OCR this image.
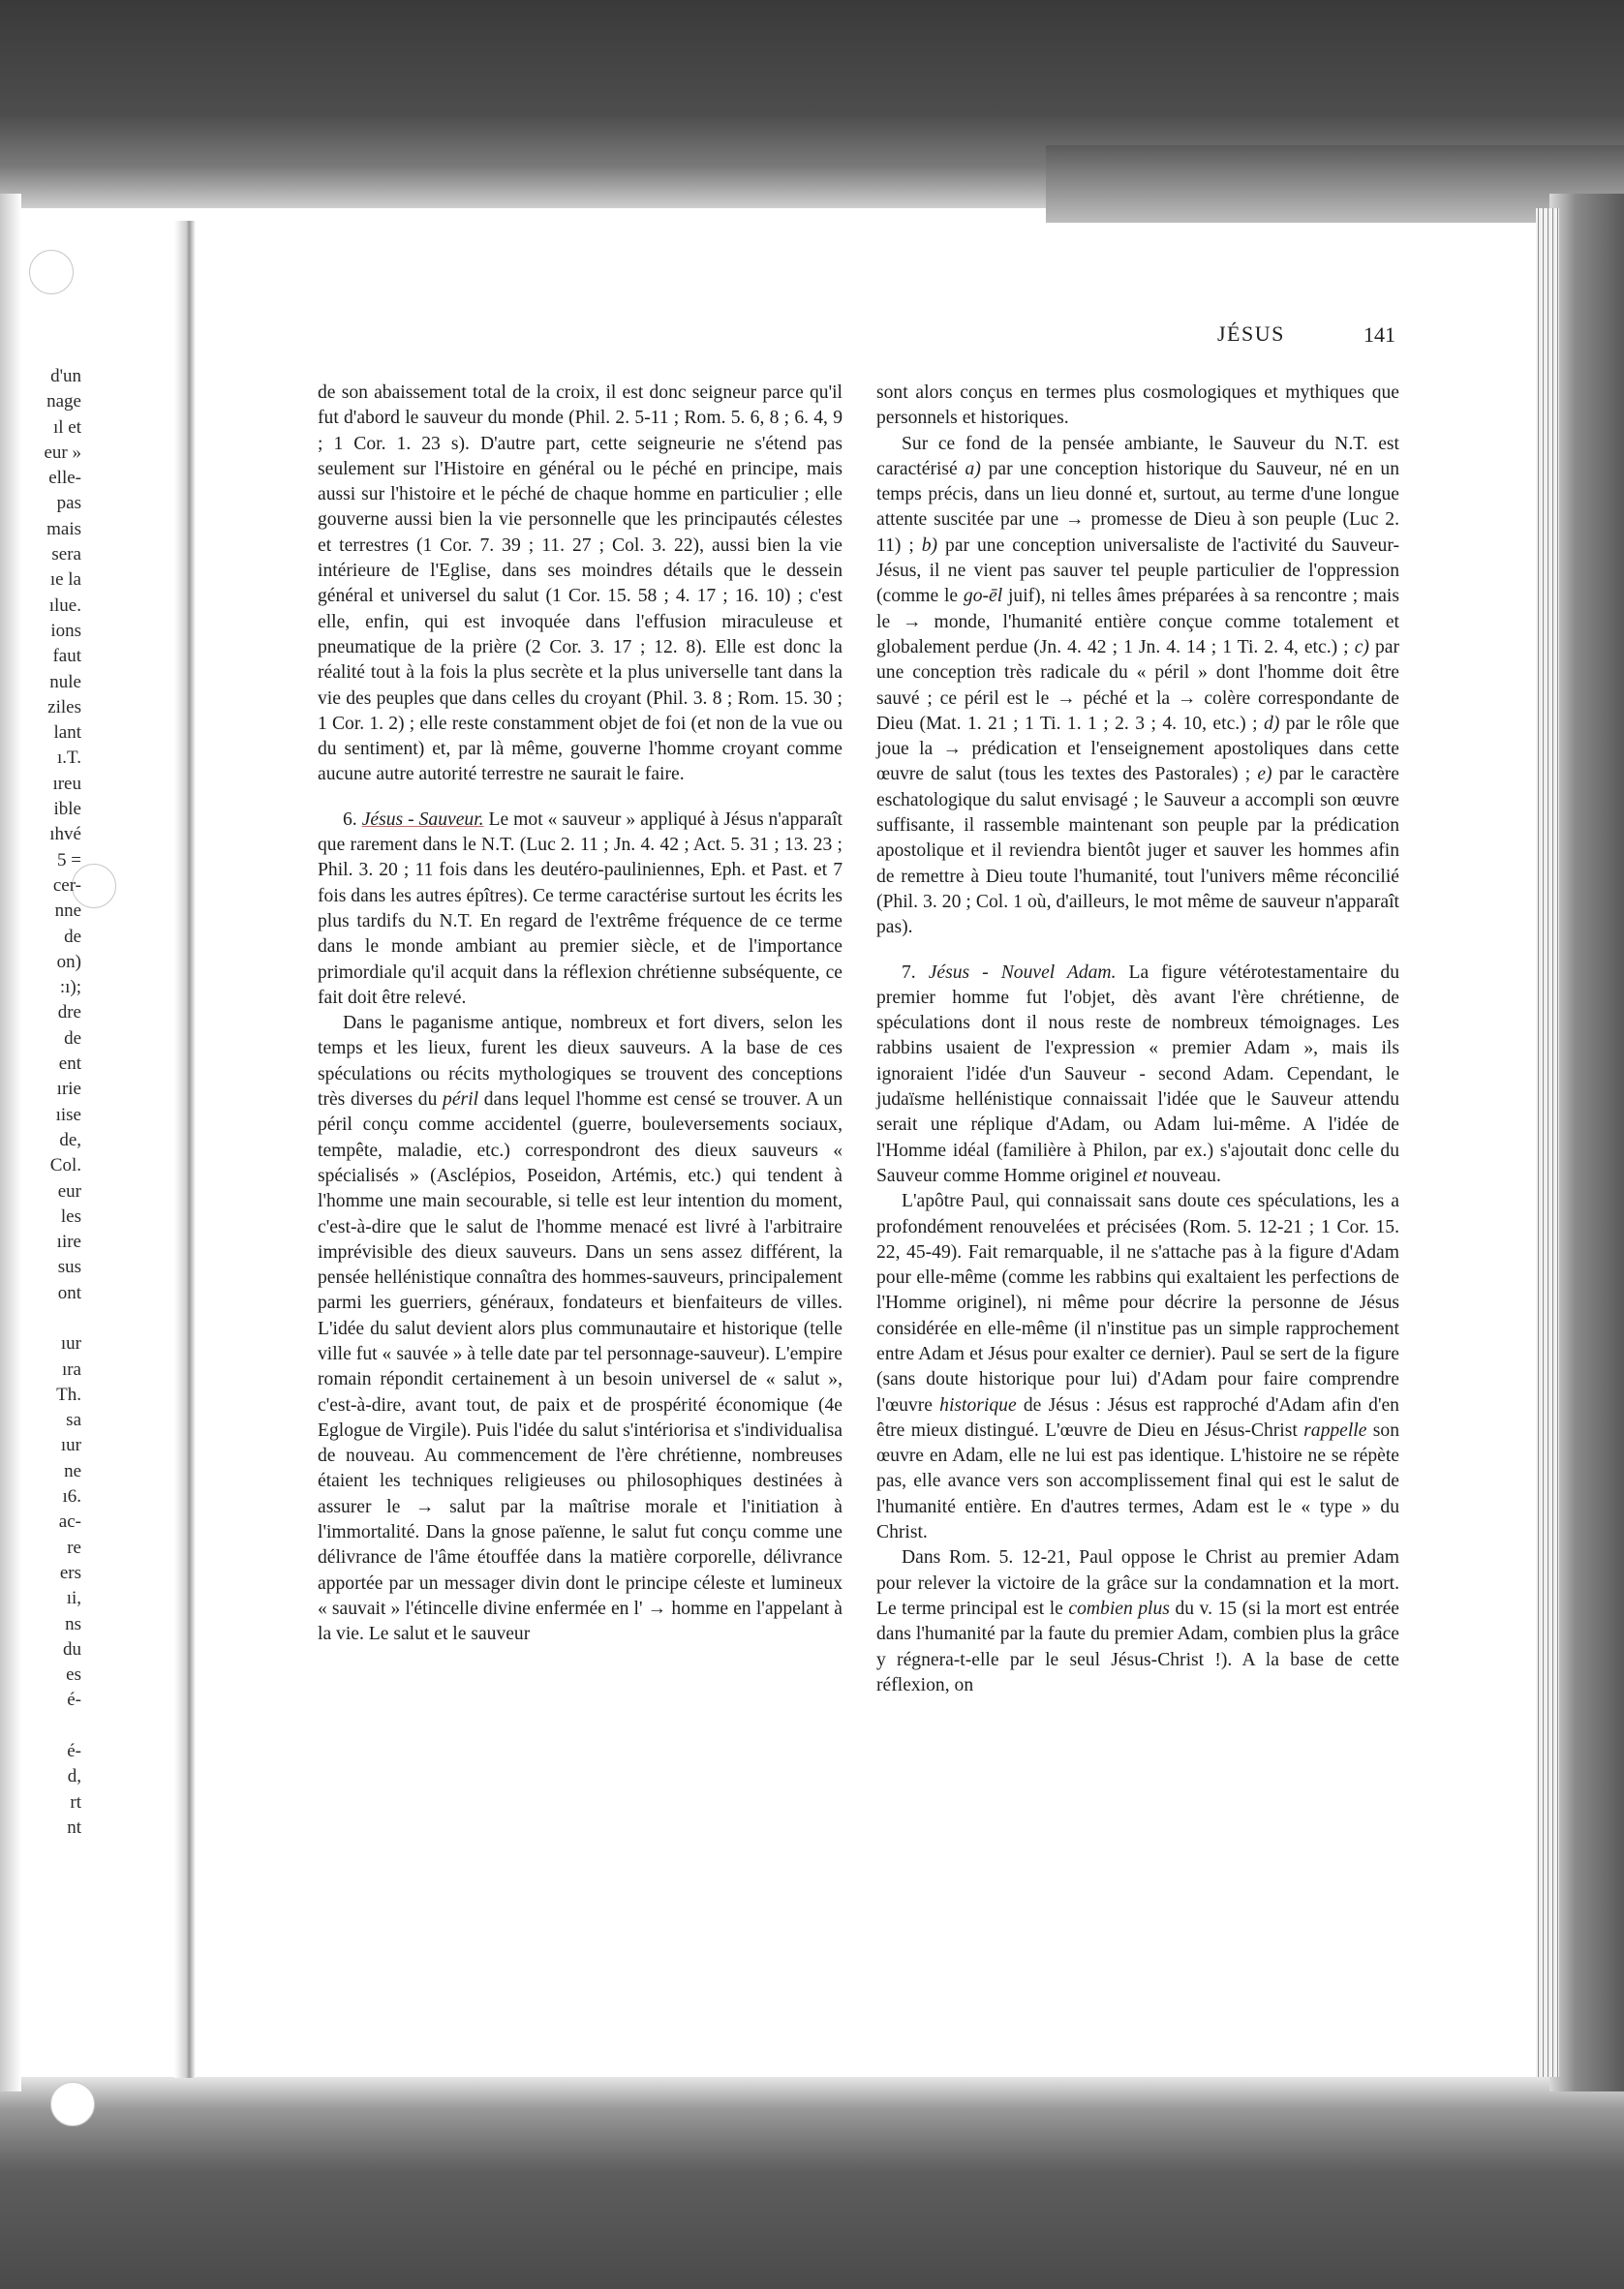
d'un
nage
ıl et
eur »
elle-
pas
mais
sera
ıe la
ılue.
ions
faut
nule
ziles
lant
ı.T.
ıreu
ible
ıhvé
5 =
cer-
nne
de
on)
:ı);
dre
de
ent
ırie
ıise
de,
Col.
eur
les
ıire
sus
ont
ıur
ıra
Th.
sa
ıur
ne
ı6.
ac-
re
ers
ıi,
ns
du
es
é-
é-
d,
rt
nt
JÉSUS	141

de son abaissement total de la croix, il est donc seigneur parce qu'il fut d'abord le sauveur du monde (Phil. 2. 5-11 ; Rom. 5. 6, 8 ; 6. 4, 9 ; 1 Cor. 1. 23 s). D'autre part, cette seigneurie ne s'étend pas seulement sur l'Histoire en général ou le péché en principe, mais aussi sur l'histoire et le péché de chaque homme en particulier ; elle gouverne aussi bien la vie personnelle que les principautés célestes et terrestres (1 Cor. 7. 39 ; 11. 27 ; Col. 3. 22), aussi bien la vie intérieure de l'Eglise, dans ses moindres détails que le dessein général et universel du salut (1 Cor. 15. 58 ; 4. 17 ; 16. 10) ; c'est elle, enfin, qui est invoquée dans l'effusion miraculeuse et pneumatique de la prière (2 Cor. 3. 17 ; 12. 8). Elle est donc la réalité tout à la fois la plus secrète et la plus universelle tant dans la vie des peuples que dans celles du croyant (Phil. 3. 8 ; Rom. 15. 30 ; 1 Cor. 1. 2) ; elle reste constamment objet de foi (et non de la vue ou du sentiment) et, par là même, gouverne l'homme croyant comme aucune autre autorité terrestre ne saurait le faire.

6. Jésus - Sauveur. Le mot « sauveur » appliqué à Jésus n'apparaît que rarement dans le N.T. (Luc 2. 11 ; Jn. 4. 42 ; Act. 5. 31 ; 13. 23 ; Phil. 3. 20 ; 11 fois dans les deutéro-pauliniennes, Eph. et Past. et 7 fois dans les autres épîtres). Ce terme caractérise surtout les écrits les plus tardifs du N.T. En regard de l'extrême fréquence de ce terme dans le monde ambiant au premier siècle, et de l'importance primordiale qu'il acquit dans la réflexion chrétienne subséquente, ce fait doit être relevé.

Dans le paganisme antique, nombreux et fort divers, selon les temps et les lieux, furent les dieux sauveurs. A la base de ces spéculations ou récits mythologiques se trouvent des conceptions très diverses du péril dans lequel l'homme est censé se trouver. A un péril conçu comme accidentel (guerre, bouleversements sociaux, tempête, maladie, etc.) correspondront des dieux sauveurs « spécialisés » (Asclépios, Poseidon, Artémis, etc.) qui tendent à l'homme une main secourable, si telle est leur intention du moment, c'est-à-dire que le salut de l'homme menacé est livré à l'arbitraire imprévisible des dieux sauveurs. Dans un sens assez différent, la pensée hellénistique connaîtra des hommes-sauveurs, principalement parmi les guerriers, généraux, fondateurs et bienfaiteurs de villes. L'idée du salut devient alors plus communautaire et historique (telle ville fut « sauvée » à telle date par tel personnage-sauveur). L'empire romain répondit certainement à un besoin universel de « salut », c'est-à-dire, avant tout, de paix et de prospérité économique (4e Eglogue de Virgile). Puis l'idée du salut s'intériorisa et s'individualisa de nouveau. Au commencement de l'ère chrétienne, nombreuses étaient les techniques religieuses ou philosophiques destinées à assurer le → salut par la maîtrise morale et l'initiation à l'immortalité. Dans la gnose païenne, le salut fut conçu comme une délivrance de l'âme étouffée dans la matière corporelle, délivrance apportée par un messager divin dont le principe céleste et lumineux « sauvait » l'étincelle divine enfermée en l' → homme en l'appelant à la vie. Le salut et le sauveur

sont alors conçus en termes plus cosmologiques et mythiques que personnels et historiques.

Sur ce fond de la pensée ambiante, le Sauveur du N.T. est caractérisé a) par une conception historique du Sauveur, né en un temps précis, dans un lieu donné et, surtout, au terme d'une longue attente suscitée par une → promesse de Dieu à son peuple (Luc 2. 11) ; b) par une conception universaliste de l'activité du Sauveur-Jésus, il ne vient pas sauver tel peuple particulier de l'oppression (comme le go-ēl juif), ni telles âmes préparées à sa rencontre ; mais le → monde, l'humanité entière conçue comme totalement et globalement perdue (Jn. 4. 42 ; 1 Jn. 4. 14 ; 1 Ti. 2. 4, etc.) ; c) par une conception très radicale du « péril » dont l'homme doit être sauvé ; ce péril est le → péché et la → colère correspondante de Dieu (Mat. 1. 21 ; 1 Ti. 1. 1 ; 2. 3 ; 4. 10, etc.) ; d) par le rôle que joue la → prédication et l'enseignement apostoliques dans cette œuvre de salut (tous les textes des Pastorales) ; e) par le caractère eschatologique du salut envisagé ; le Sauveur a accompli son œuvre suffisante, il rassemble maintenant son peuple par la prédication apostolique et il reviendra bientôt juger et sauver les hommes afin de remettre à Dieu toute l'humanité, tout l'univers même réconcilié (Phil. 3. 20 ; Col. 1 où, d'ailleurs, le mot même de sauveur n'apparaît pas).

7. Jésus - Nouvel Adam. La figure vétérotestamentaire du premier homme fut l'objet, dès avant l'ère chrétienne, de spéculations dont il nous reste de nombreux témoignages. Les rabbins usaient de l'expression « premier Adam », mais ils ignoraient l'idée d'un Sauveur - second Adam. Cependant, le judaïsme hellénistique connaissait l'idée que le Sauveur attendu serait une réplique d'Adam, ou Adam lui-même. A l'idée de l'Homme idéal (familière à Philon, par ex.) s'ajoutait donc celle du Sauveur comme Homme originel et nouveau.

L'apôtre Paul, qui connaissait sans doute ces spéculations, les a profondément renouvelées et précisées (Rom. 5. 12-21 ; 1 Cor. 15. 22, 45-49). Fait remarquable, il ne s'attache pas à la figure d'Adam pour elle-même (comme les rabbins qui exaltaient les perfections de l'Homme originel), ni même pour décrire la personne de Jésus considérée en elle-même (il n'institue pas un simple rapprochement entre Adam et Jésus pour exalter ce dernier). Paul se sert de la figure (sans doute historique pour lui) d'Adam pour faire comprendre l'œuvre historique de Jésus : Jésus est rapproché d'Adam afin d'en être mieux distingué. L'œuvre de Dieu en Jésus-Christ rappelle son œuvre en Adam, elle ne lui est pas identique. L'histoire ne se répète pas, elle avance vers son accomplissement final qui est le salut de l'humanité entière. En d'autres termes, Adam est le « type » du Christ.

Dans Rom. 5. 12-21, Paul oppose le Christ au premier Adam pour relever la victoire de la grâce sur la condamnation et la mort. Le terme principal est le combien plus du v. 15 (si la mort est entrée dans l'humanité par la faute du premier Adam, combien plus la grâce y régnera-t-elle par le seul Jésus-Christ !). A la base de cette réflexion, on
